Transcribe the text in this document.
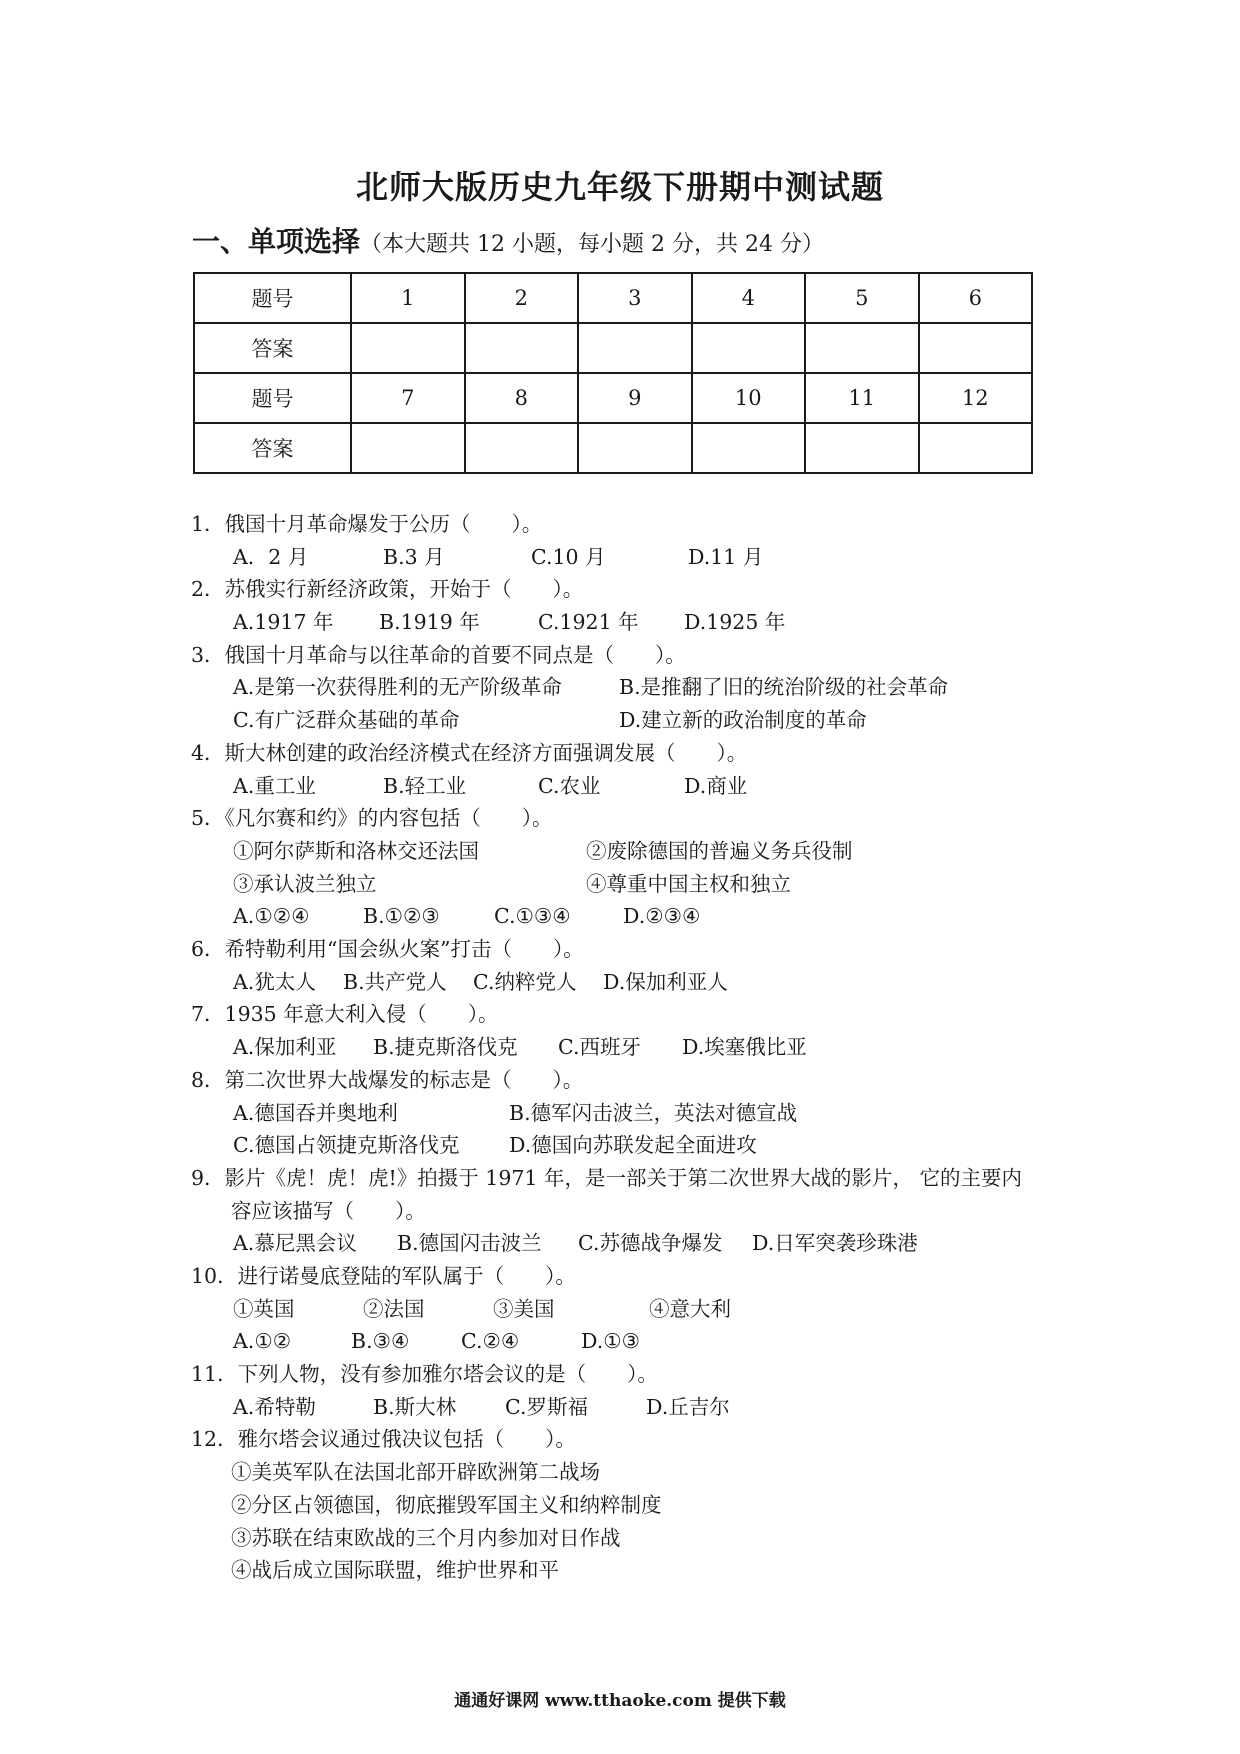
北师大版历史九年级下册期中测试题
一、单项选择（本大题共 12 小题，每小题 2 分，共 24 分）
题号	1	2	3	4	5	6
答案						
题号	7	8	9	10	11	12
答案						
1．俄国十月革命爆发于公历（　　）。
A．2 月	B.3 月	C.10 月	D.11 月
2．苏俄实行新经济政策，开始于（　　）。
A.1917 年 B.1919 年	C.1921 年 D.1925 年
3．俄国十月革命与以往革命的首要不同点是（　　）。
A.是第一次获得胜利的无产阶级革命	B.是推翻了旧的统治阶级的社会革命
C.有广泛群众基础的革命	D.建立新的政治制度的革命
4．斯大林创建的政治经济模式在经济方面强调发展（　　）。
A.重工业	B.轻工业	C.农业	D.商业
5．《凡尔赛和约》的内容包括（　　）。
①阿尔萨斯和洛林交还法国	②废除德国的普遍义务兵役制
③承认波兰独立	④尊重中国主权和独立
A.①②④	B.①②③	C.①③④	D.②③④
6．希特勒利用“国会纵火案”打击（　　）。
A.犹太人 B.共产党人 C.纳粹党人 D.保加利亚人
7．1935 年意大利入侵（　　）。
A.保加利亚 B.捷克斯洛伐克 C.西班牙 D.埃塞俄比亚
8．第二次世界大战爆发的标志是（　　）。
A.德国吞并奥地利	B.德军闪击波兰，英法对德宣战
C.德国占领捷克斯洛伐克 D.德国向苏联发起全面进攻
9．影片《虎！虎！虎!》拍摄于 1971 年，是一部关于第二次世界大战的影片， 它的主要内
容应该描写（　　）。
A.慕尼黑会议 B.德国闪击波兰 C.苏德战争爆发 D.日军突袭珍珠港
10．进行诺曼底登陆的军队属于（　　）。
①英国	②法国	③美国	④意大利
A.①②	B.③④	C.②④	D.①③
11．下列人物，没有参加雅尔塔会议的是（　　）。
A.希特勒	B.斯大林 C.罗斯福	D.丘吉尔
12．雅尔塔会议通过俄决议包括（　　）。
①美英军队在法国北部开辟欧洲第二战场
②分区占领德国，彻底摧毁军国主义和纳粹制度
③苏联在结束欧战的三个月内参加对日作战
④战后成立国际联盟，维护世界和平
通通好课网 www.tthaoke.com 提供下载
